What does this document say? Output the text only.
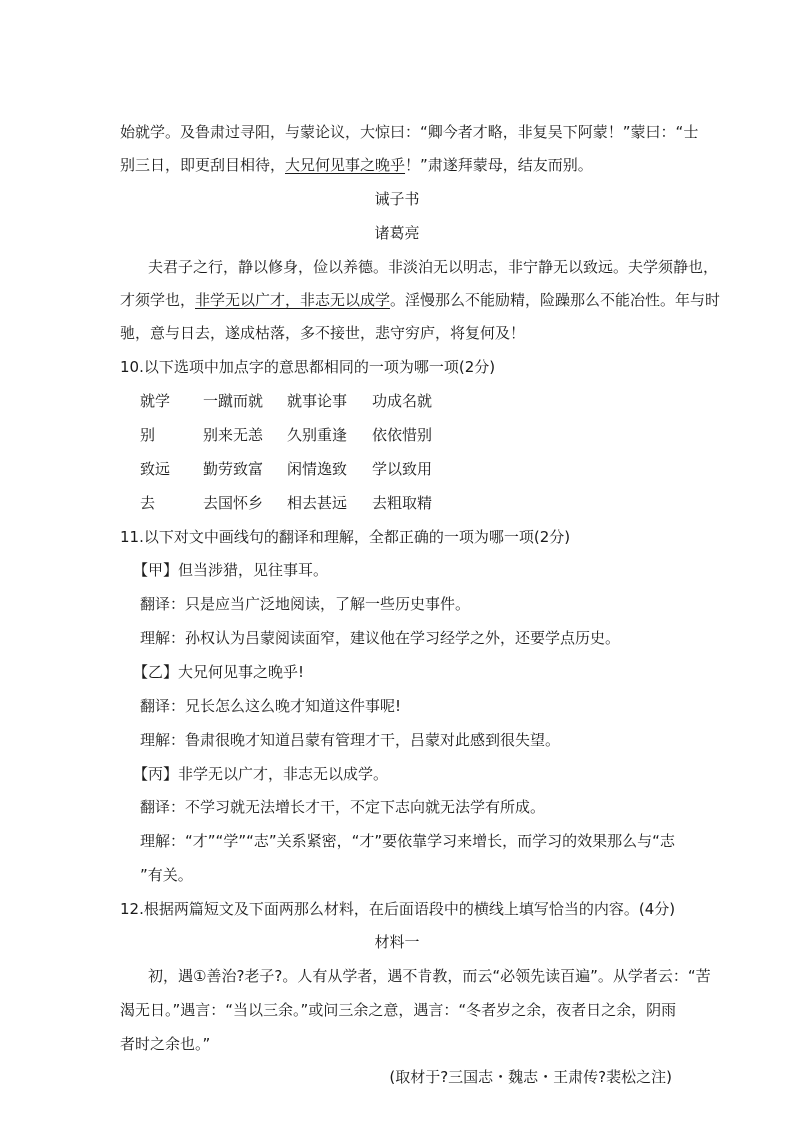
始就学。及鲁肃过寻阳，与蒙论议，大惊曰：“卿今者才略，非复吴下阿蒙！”蒙曰：“士
别三日，即更刮目相待，大兄何见事之晚乎！”肃遂拜蒙母，结友而别。
诫子书
诸葛亮
夫君子之行，静以修身，俭以养德。非淡泊无以明志，非宁静无以致远。夫学须静也，
才须学也，非学无以广才，非志无以成学。淫慢那么不能励精，险躁那么不能冶性。年与时
驰，意与日去，遂成枯落，多不接世，悲守穷庐，将复何及！
10.以下选项中加点字的意思都相同的一项为哪一项(2分)
就学 一蹴而就 就事论事 功成名就
别	别来无恙 久别重逢 依依惜别
致远 勤劳致富 闲情逸致 学以致用
去	去国怀乡 相去甚远 去粗取精
11.以下对文中画线句的翻译和理解，全都正确的一项为哪一项(2分)
【甲】但当涉猎，见往事耳。
翻译：只是应当广泛地阅读，了解一些历史事件。
理解：孙权认为吕蒙阅读面窄，建议他在学习经学之外，还要学点历史。
【乙】大兄何见事之晚乎!
翻译：兄长怎么这么晚才知道这件事呢!
理解：鲁肃很晚才知道吕蒙有管理才干，吕蒙对此感到很失望。
【丙】非学无以广才，非志无以成学。
翻译：不学习就无法增长才干，不定下志向就无法学有所成。
理解：“才”“学”“志”关系紧密，“才”要依靠学习来增长，而学习的效果那么与“志
”有关。
12.根据两篇短文及下面两那么材料，在后面语段中的横线上填写恰当的内容。(4分)
材料一
初，遇①善治?老子?。人有从学者，遇不肯教，而云“必领先读百遍”。从学者云：“苦
渴无日。”遇言：“当以三余。”或问三余之意，遇言：“冬者岁之余，夜者日之余，阴雨
者时之余也。”
(取材于?三国志・魏志・王肃传?裴松之注)
